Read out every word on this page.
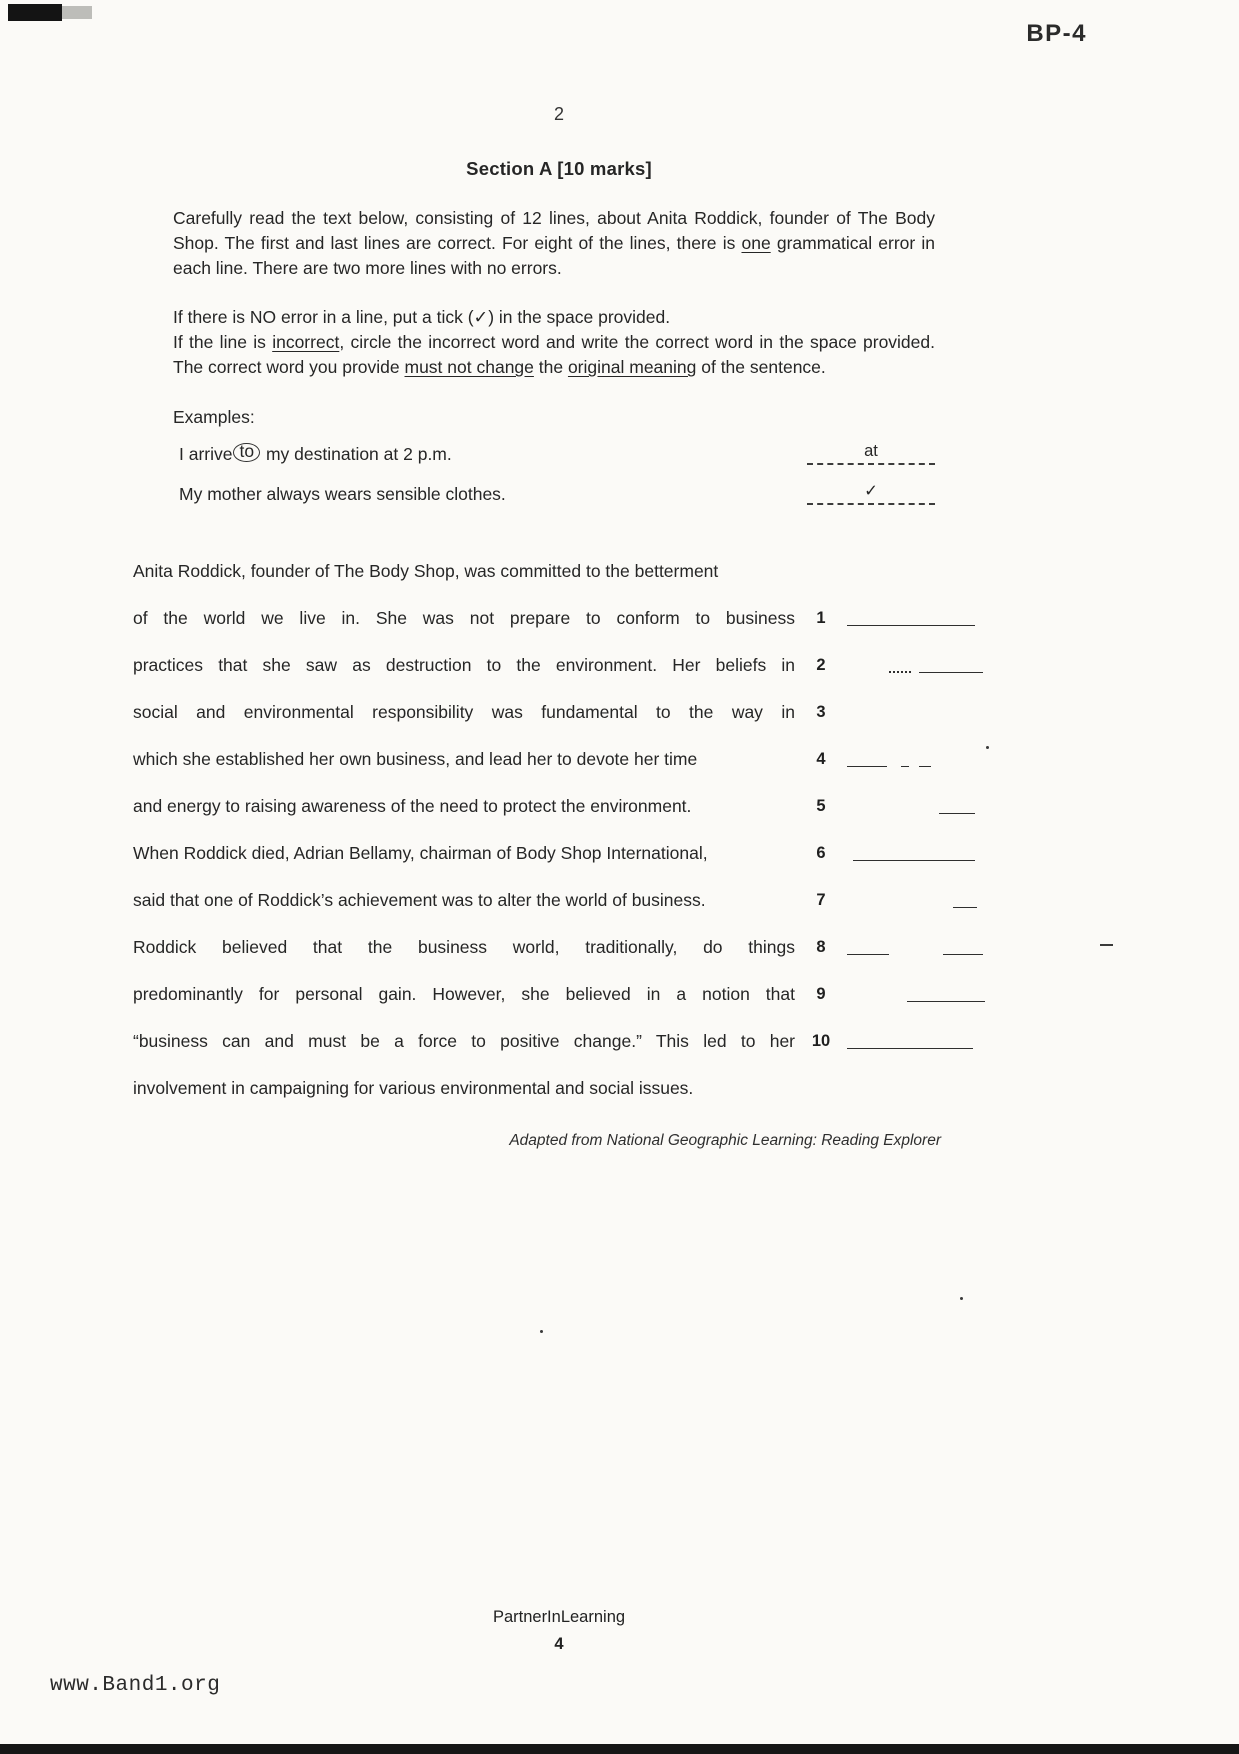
BP-4
2
Section A [10 marks]

Carefully read the text below, consisting of 12 lines, about Anita Roddick, founder of The Body Shop. The first and last lines are correct. For eight of the lines, there is one grammatical error in each line. There are two more lines with no errors.

If there is NO error in a line, put a tick (✓) in the space provided.
If the line is incorrect, circle the incorrect word and write the correct word in the space provided. The correct word you provide must not change the original meaning of the sentence.

Examples:
I arrive to my destination at 2 p.m.	at
My mother always wears sensible clothes.	✓
Anita Roddick, founder of The Body Shop, was committed to the betterment
of the world we live in. She was not prepare to conform to business	1
practices that she saw as destruction to the environment. Her beliefs in	2
social and environmental responsibility was fundamental to the way in	3
which she established her own business, and lead her to devote her time	4
and energy to raising awareness of the need to protect the environment.	5
When Roddick died, Adrian Bellamy, chairman of Body Shop International,	6
said that one of Roddick’s achievement was to alter the world of business.	7
Roddick believed that the business world, traditionally, do things	8
predominantly for personal gain. However, she believed in a notion that	9
“business can and must be a force to positive change.” This led to her	10
involvement in campaigning for various environmental and social issues.
Adapted from National Geographic Learning: Reading Explorer
PartnerInLearning
4
www.Band1.org
